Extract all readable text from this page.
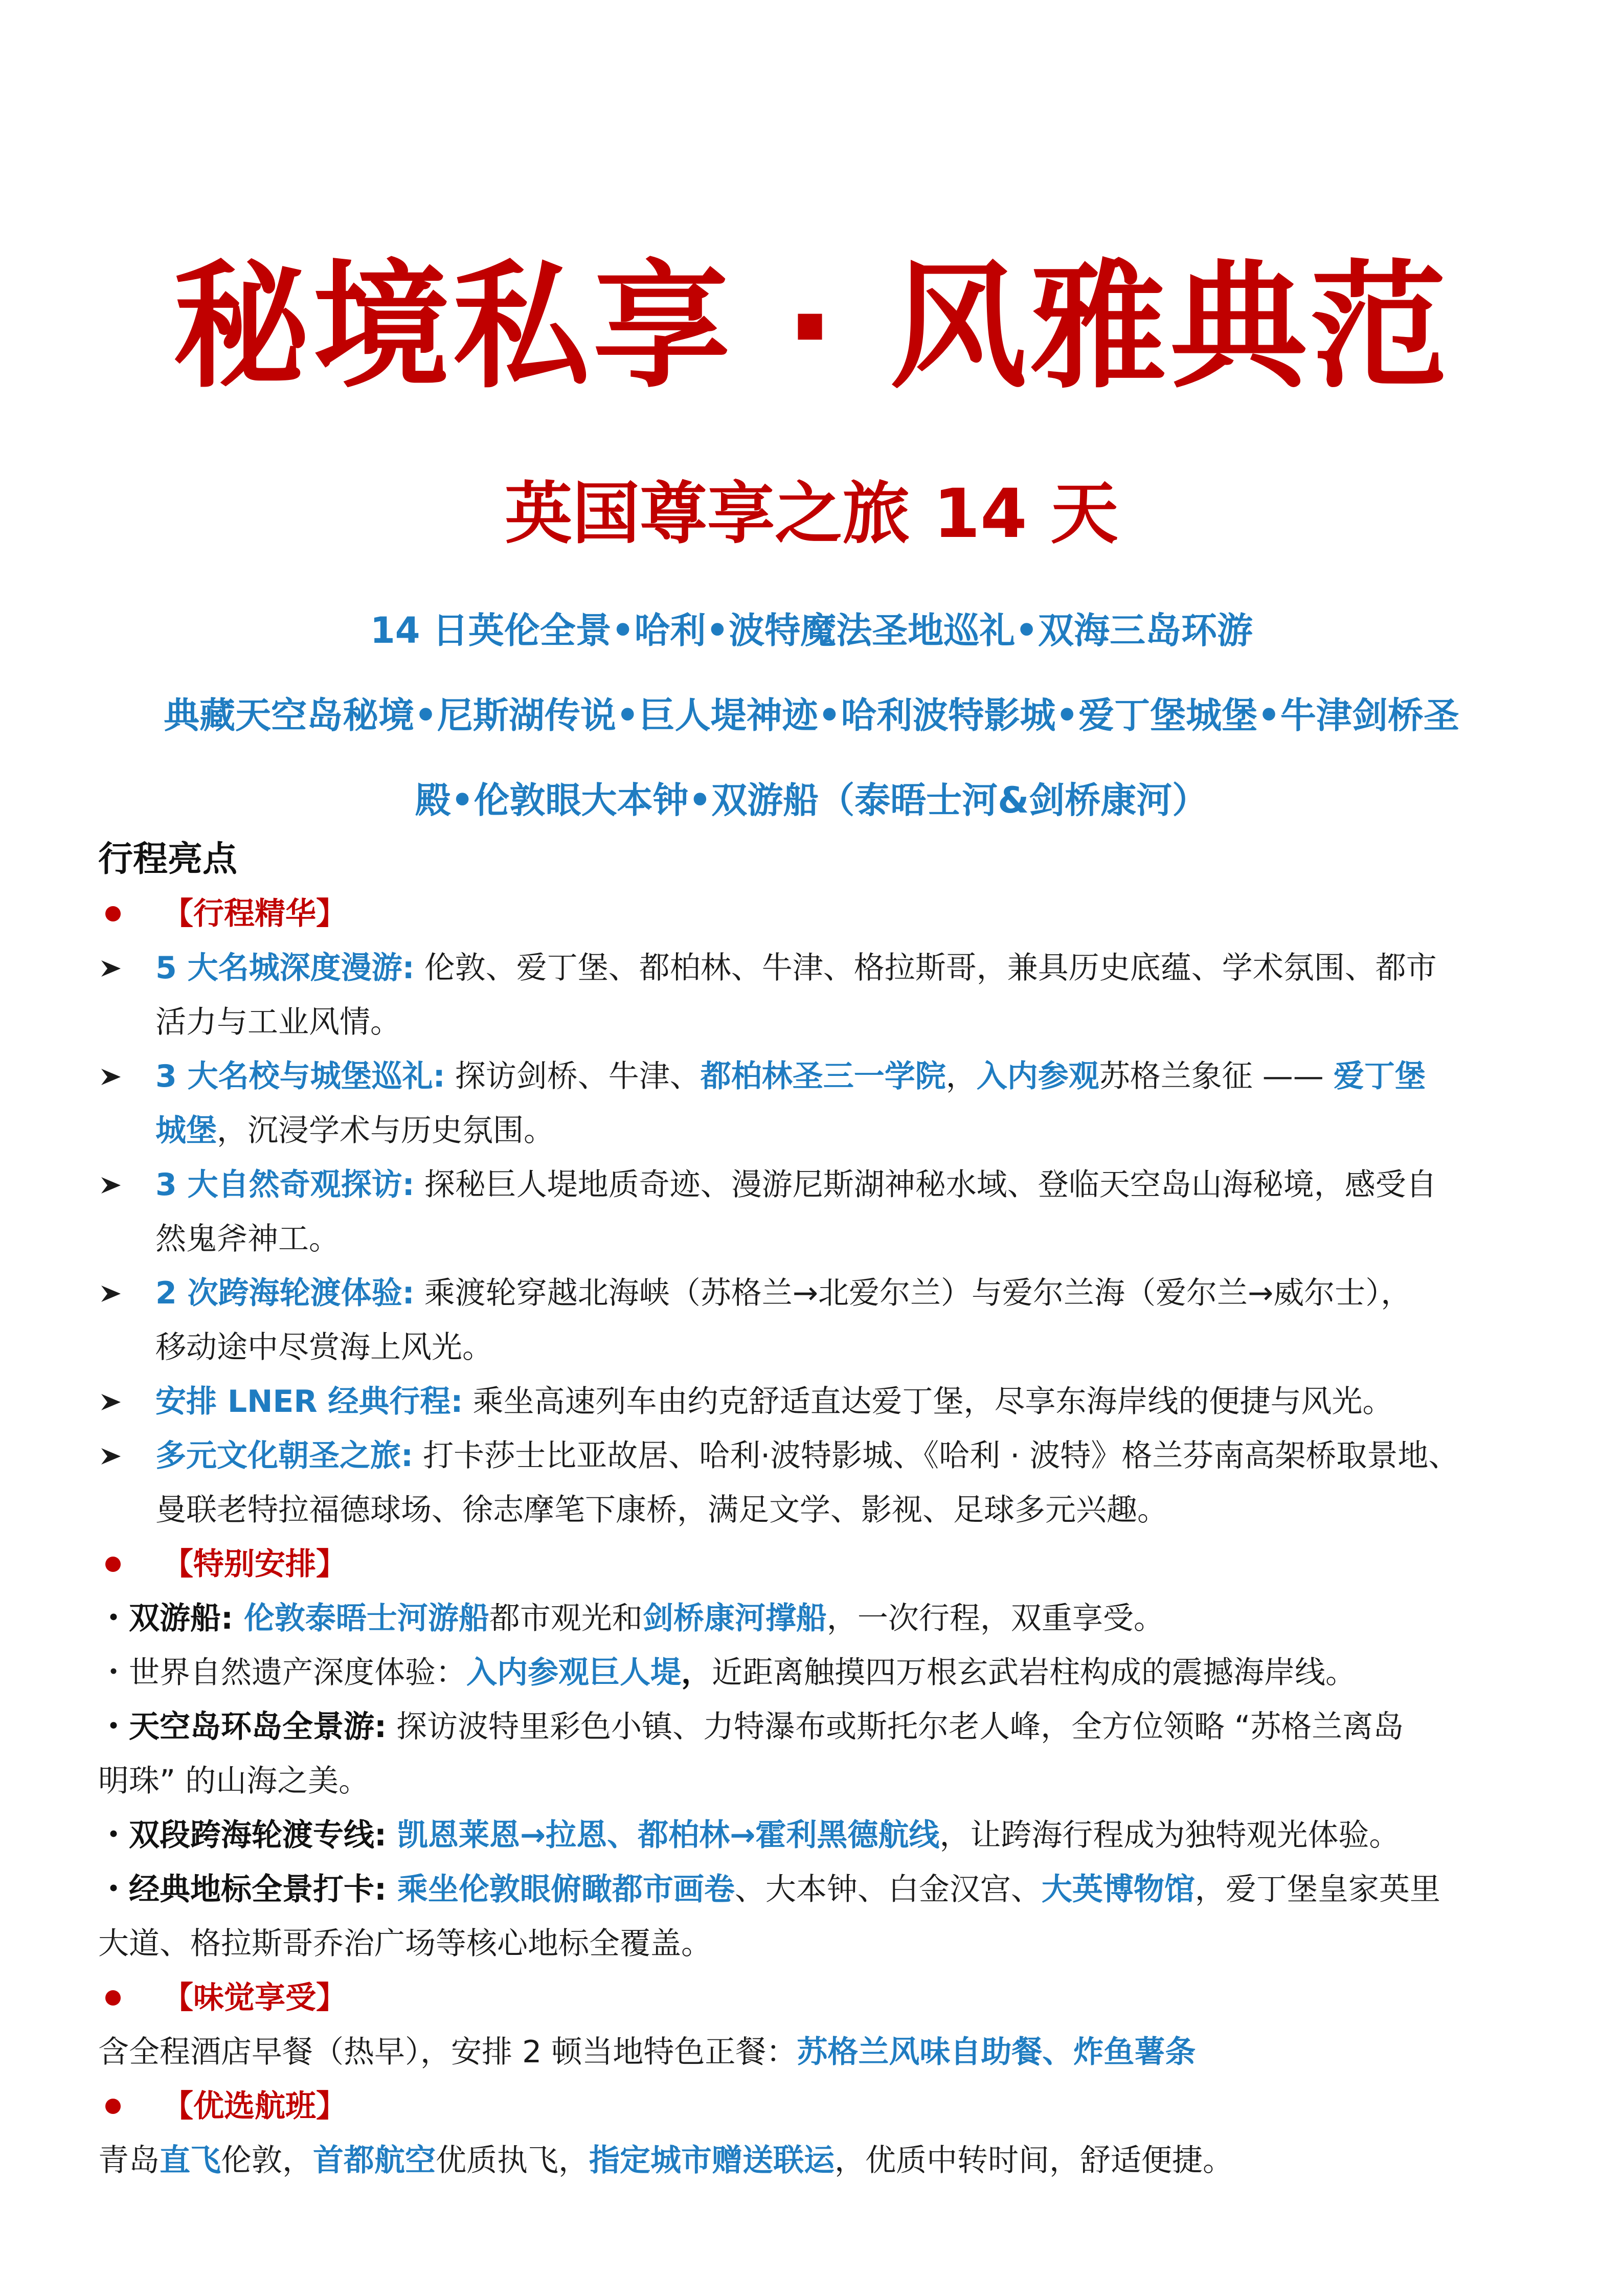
秘境私享 · 风雅典范
英国尊享之旅 14 天
14 日英伦全景•哈利•波特魔法圣地巡礼•双海三岛环游
典藏天空岛秘境•尼斯湖传说•巨人堤神迹•哈利波特影城•爱丁堡城堡•牛津剑桥圣
殿•伦敦眼大本钟•双游船（泰晤士河&剑桥康河）
行程亮点
【行程精华】
5 大名城深度漫游: 伦敦、爱丁堡、都柏林、牛津、格拉斯哥，兼具历史底蕴、学术氛围、都市
活力与工业风情。
3 大名校与城堡巡礼: 探访剑桥、牛津、都柏林圣三一学院，入内参观苏格兰象征 —— 爱丁堡
城堡，沉浸学术与历史氛围。
3 大自然奇观探访: 探秘巨人堤地质奇迹、漫游尼斯湖神秘水域、登临天空岛山海秘境，感受自
然鬼斧神工。
2 次跨海轮渡体验: 乘渡轮穿越北海峡（苏格兰→北爱尔兰）与爱尔兰海（爱尔兰→威尔士），
移动途中尽赏海上风光。
安排 LNER 经典行程: 乘坐高速列车由约克舒适直达爱丁堡，尽享东海岸线的便捷与风光。
多元文化朝圣之旅: 打卡莎士比亚故居、哈利·波特影城、《哈利 · 波特》格兰芬南高架桥取景地、
曼联老特拉福德球场、徐志摩笔下康桥，满足文学、影视、足球多元兴趣。
【特别安排】
・双游船: 伦敦泰晤士河游船都市观光和剑桥康河撑船，一次行程，双重享受。
・世界自然遗产深度体验：入内参观巨人堤，近距离触摸四万根玄武岩柱构成的震撼海岸线。
・天空岛环岛全景游: 探访波特里彩色小镇、力特瀑布或斯托尔老人峰，全方位领略 “苏格兰离岛
明珠” 的山海之美。
・双段跨海轮渡专线: 凯恩莱恩→拉恩、都柏林→霍利黑德航线，让跨海行程成为独特观光体验。
・经典地标全景打卡: 乘坐伦敦眼俯瞰都市画卷、大本钟、白金汉宫、大英博物馆，爱丁堡皇家英里
大道、格拉斯哥乔治广场等核心地标全覆盖。
【味觉享受】
含全程酒店早餐（热早），安排 2 顿当地特色正餐：苏格兰风味自助餐、炸鱼薯条
【优选航班】
青岛直飞伦敦，首都航空优质执飞，指定城市赠送联运，优质中转时间，舒适便捷。
